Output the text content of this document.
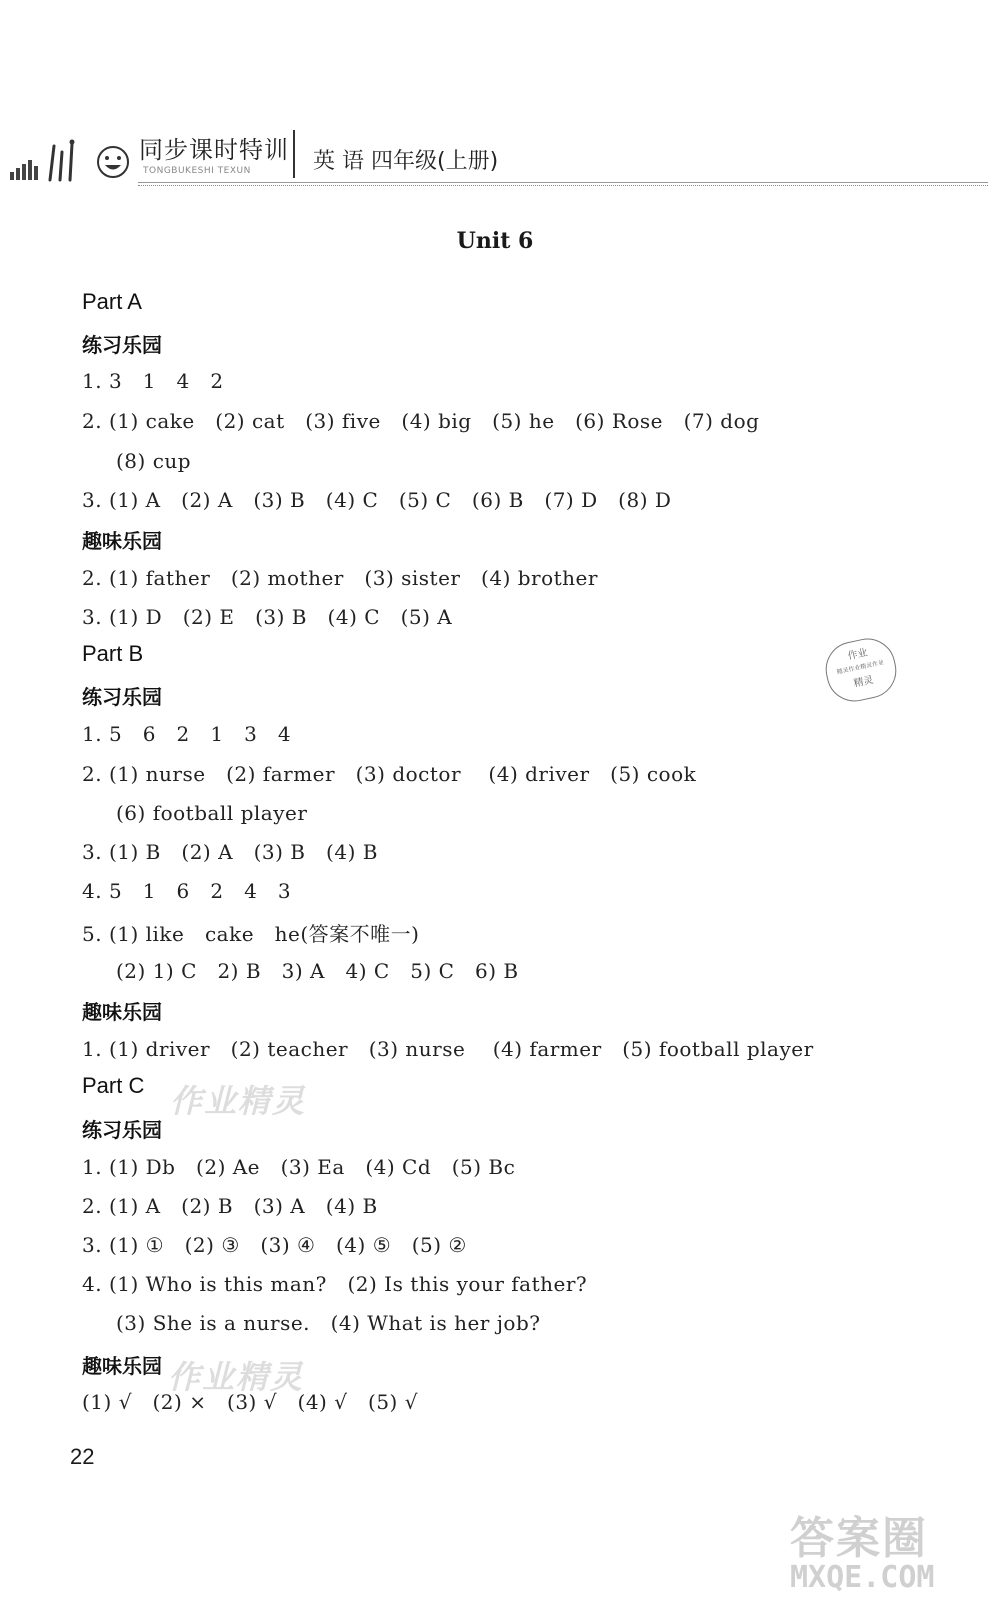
同步课时特训
TONGBUKESHI TEXUN	英 语 四年级(上册)
Unit 6
Part A
练习乐园
1. 3   1   4   2
2. (1) cake   (2) cat   (3) five   (4) big   (5) he   (6) Rose   (7) dog
(8) cup
3. (1) A   (2) A   (3) B   (4) C   (5) C   (6) B   (7) D   (8) D
趣味乐园
2. (1) father   (2) mother   (3) sister   (4) brother
3. (1) D   (2) E   (3) B   (4) C   (5) A
Part B
练习乐园
1. 5   6   2   1   3   4
2. (1) nurse   (2) farmer   (3) doctor    (4) driver   (5) cook
(6) football player
3. (1) B   (2) A   (3) B   (4) B
4. 5   1   6   2   4   3
5. (1) like   cake   he(答案不唯一)
(2) 1) C   2) B   3) A   4) C   5) C   6) B
趣味乐园
1. (1) driver   (2) teacher   (3) nurse    (4) farmer   (5) football player
Part C
练习乐园
1. (1) Db   (2) Ae   (3) Ea   (4) Cd   (5) Bc
2. (1) A   (2) B   (3) A   (4) B
3. (1) ①   (2) ③   (3) ④   (4) ⑤   (5) ②
4. (1) Who is this man?   (2) Is this your father?
(3) She is a nurse.   (4) What is her job?
趣味乐园
(1) √   (2) ×   (3) √   (4) √   (5) √
22
作业
精灵作业精灵作业
精灵
作业精灵
作业精灵
答案圈
MXQE.COM
